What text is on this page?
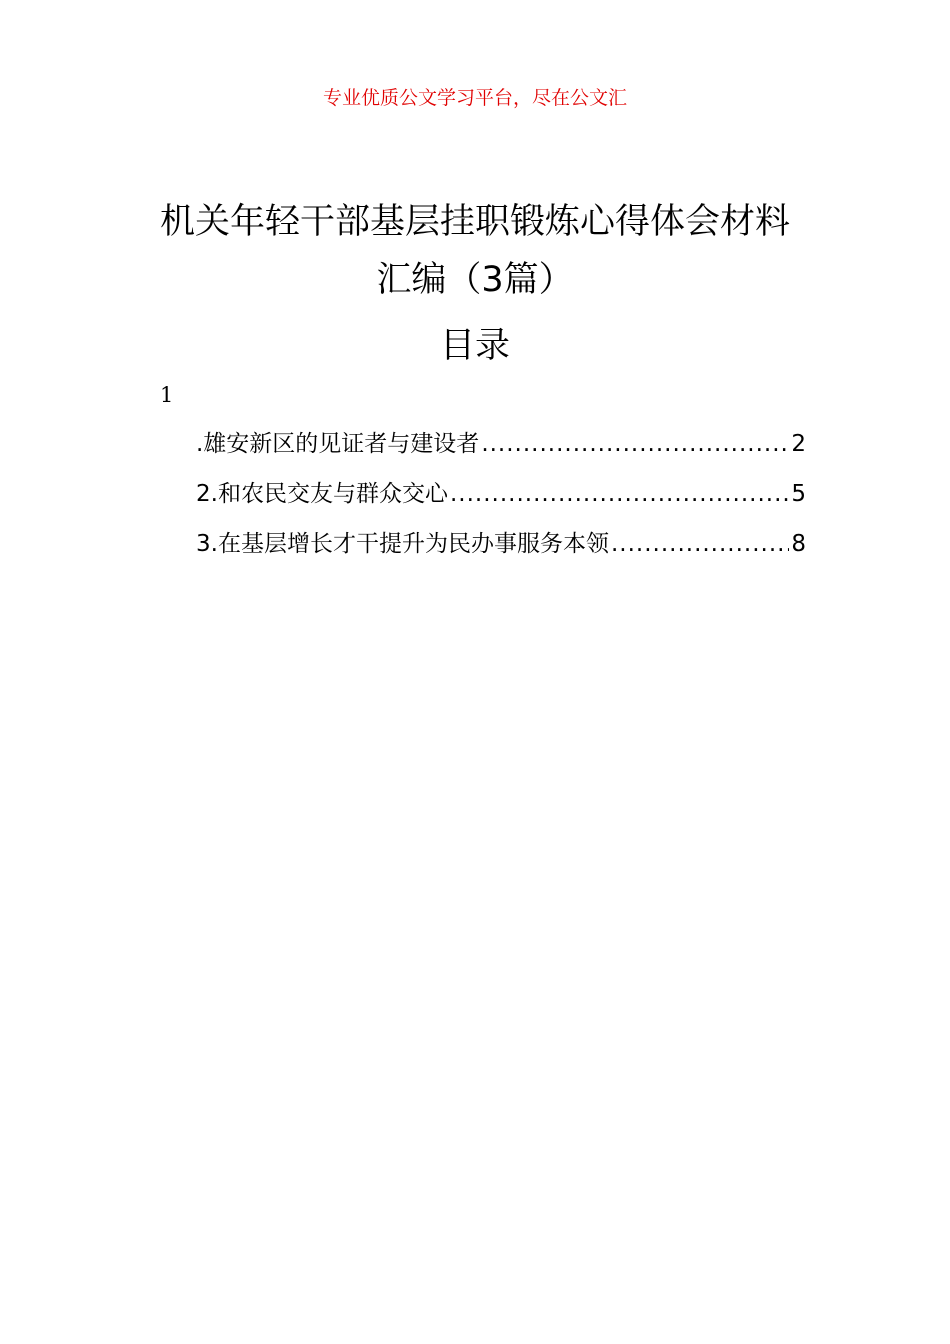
专业优质公文学习平台，尽在公文汇
机关年轻干部基层挂职锻炼心得体会材料
汇编（3篇）
目录
1
.雄安新区的见证者与建设者 .....	2
2.和农民交友与群众交心 .....	5
3.在基层增长才干提升为民办事服务本领 .....	8
